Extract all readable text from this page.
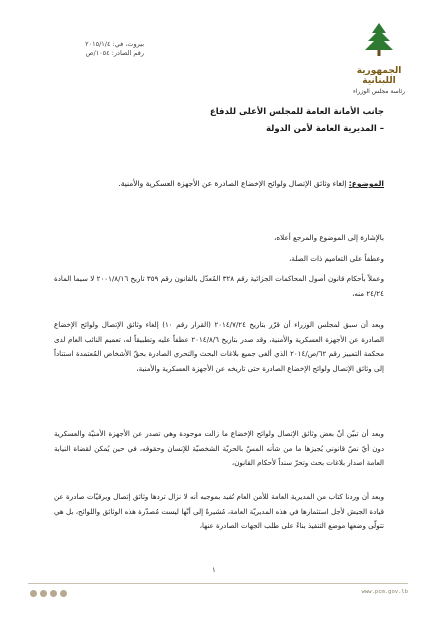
الجمهورية اللبنانية
رئاسة مجلس الوزراء
بيروت، في: ٢٠١٥/١/٤
رقم الصادر: ١٠٥٤/ص
جانب الأمانة العامة للمجلس الأعلى للدفاع
– المديرية العامة لأمن الدولة
الموضوع: إلغاء وثائق الإتصال ولوائح الإخضاع الصادرة عن الأجهزة العسكرية والأمنية.
بالإشارة إلى الموضوع والمرجع أعلاه،
وعطفاً على التعاميم ذات الصلة،
وعملاً بأحكام قانون أصول المحاكمات الجزائية رقم ٣٢٨ المُعدّل بالقانون رقم ٣٥٩ تاريخ ٢٠٠١/٨/١٦ لا سيما المادة ٢٤/٢٤ منه،
وبعد أن سبق لمجلس الوزراء أن قرّر بتاريخ ٢٠١٤/٧/٢٤ (القرار رقم ١٠) إلغاء وثائق الإتصال ولوائح الإخضاع الصادرة عن الأجهزة العسكرية والأمنية، وقد صدر بتاريخ ٢٠١٤/٨/٦ عطفاً عليه وتطبيقاً له، تعميم النائب العام لدى محكمة التمييز رقم ٦٢/ص/٢٠١٤ الذي ألغى جميع بلاغات البحث والتحري الصادرة بحقّ الأشخاص المُعتمدة استناداً إلى وثائق الإتصال ولوائح الإخضاع الصادرة حتى تاريخه عن الأجهزة العسكرية والأمنية،
وبعد أن تبيّن أنّ بعض وثائق الإتصال ولوائح الإخضاع ما زالت موجودة وهي تصدر عن الأجهزة الأمنيّة والعسكرية دون أيّ نصّ قانوني يُجيزها ما من شأنه المسّ بالحريّة الشخصيّة للإنسان وحقوقه، في حين يُمكن لقضاة النيابة العامة اصدار بلاغات بحث وتحرّ سنداً لأحكام القانون،
وبعد أن وردنا كتاب من المديرية العامة للأمن العام تُفيد بموجبه أنه لا نزال تردها وثائق إتصال وبرقيّات صادرة عن قيادة الجيش لأجل استثمارها في هذه المديريّة العامة، مُشيرةً إلى أنّها ليست مُصدّرة هذه الوثائق واللوائح، بل هي تتولّى وضعها موضع التنفيذ بناءً على طلب الجهات الصادرة عنها،
١
www.pcm.gov.lb
